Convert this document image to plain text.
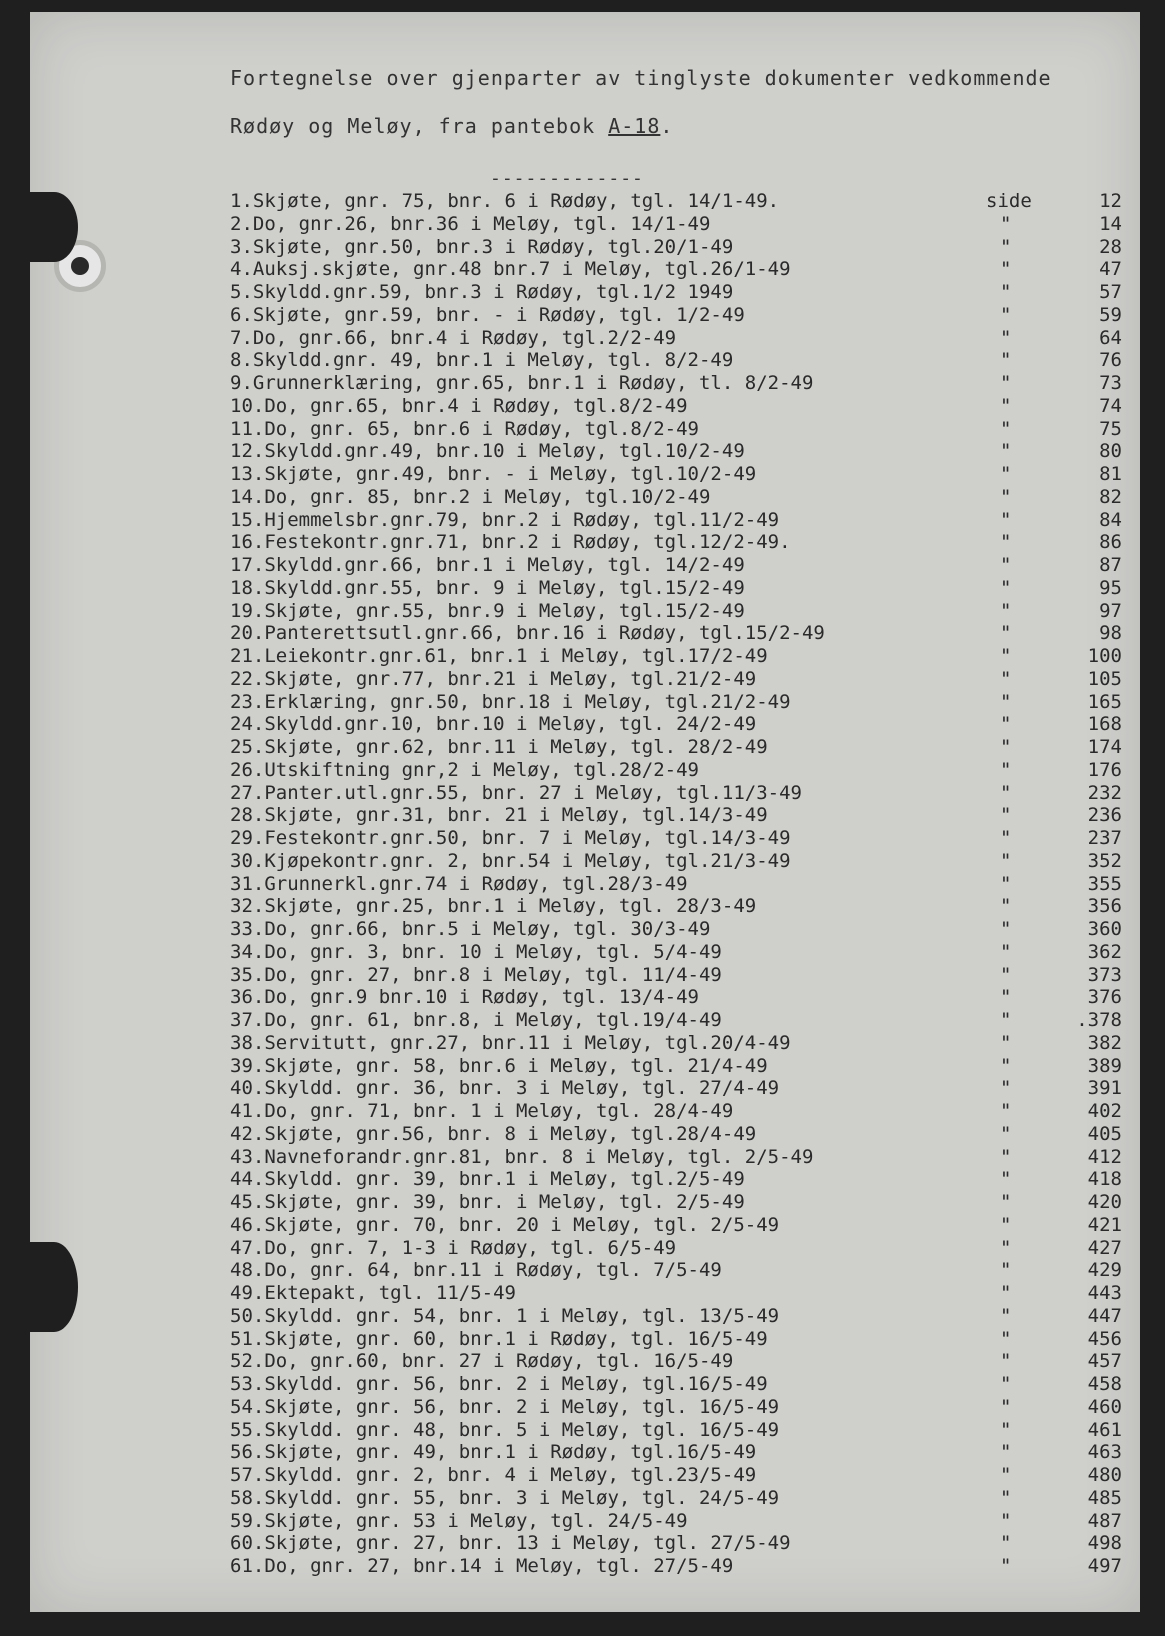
Fortegnelse over gjenparter av tinglyste dokumenter vedkommende
Rødøy og Meløy, fra pantebok A-18.
-------------
1.Skjøte, gnr. 75, bnr. 6 i Rødøy, tgl. 14/1-49.	side	12
2.Do, gnr.26, bnr.36 i Meløy, tgl. 14/1-49	"	14
3.Skjøte, gnr.50, bnr.3 i Rødøy, tgl.20/1-49	"	28
4.Auksj.skjøte, gnr.48 bnr.7 i Meløy, tgl.26/1-49	"	47
5.Skyldd.gnr.59, bnr.3 i Rødøy, tgl.1/2 1949	"	57
6.Skjøte, gnr.59, bnr. - i Rødøy, tgl. 1/2-49	"	59
7.Do, gnr.66, bnr.4 i Rødøy, tgl.2/2-49	"	64
8.Skyldd.gnr. 49, bnr.1 i Meløy, tgl. 8/2-49	"	76
9.Grunnerklæring, gnr.65, bnr.1 i Rødøy, tl. 8/2-49	"	73
10.Do, gnr.65, bnr.4 i Rødøy, tgl.8/2-49	"	74
11.Do, gnr. 65, bnr.6 i Rødøy, tgl.8/2-49	"	75
12.Skyldd.gnr.49, bnr.10 i Meløy, tgl.10/2-49	"	80
13.Skjøte, gnr.49, bnr. - i Meløy, tgl.10/2-49	"	81
14.Do, gnr. 85, bnr.2 i Meløy, tgl.10/2-49	"	82
15.Hjemmelsbr.gnr.79, bnr.2 i Rødøy, tgl.11/2-49	"	84
16.Festekontr.gnr.71, bnr.2 i Rødøy, tgl.12/2-49.	"	86
17.Skyldd.gnr.66, bnr.1 i Meløy, tgl. 14/2-49	"	87
18.Skyldd.gnr.55, bnr. 9 i Meløy, tgl.15/2-49	"	95
19.Skjøte, gnr.55, bnr.9 i Meløy, tgl.15/2-49	"	97
20.Panterettsutl.gnr.66, bnr.16 i Rødøy, tgl.15/2-49	"	98
21.Leiekontr.gnr.61, bnr.1 i Meløy, tgl.17/2-49	"	100
22.Skjøte, gnr.77, bnr.21 i Meløy, tgl.21/2-49	"	105
23.Erklæring, gnr.50, bnr.18 i Meløy, tgl.21/2-49	"	165
24.Skyldd.gnr.10, bnr.10 i Meløy, tgl. 24/2-49	"	168
25.Skjøte, gnr.62, bnr.11 i Meløy, tgl. 28/2-49	"	174
26.Utskiftning gnr,2 i Meløy, tgl.28/2-49	"	176
27.Panter.utl.gnr.55, bnr. 27 i Meløy, tgl.11/3-49	"	232
28.Skjøte, gnr.31, bnr. 21 i Meløy, tgl.14/3-49	"	236
29.Festekontr.gnr.50, bnr. 7 i Meløy, tgl.14/3-49	"	237
30.Kjøpekontr.gnr. 2, bnr.54 i Meløy, tgl.21/3-49	"	352
31.Grunnerkl.gnr.74 i Rødøy, tgl.28/3-49	"	355
32.Skjøte, gnr.25, bnr.1 i Meløy, tgl. 28/3-49	"	356
33.Do, gnr.66, bnr.5 i Meløy, tgl. 30/3-49	"	360
34.Do, gnr. 3, bnr. 10 i Meløy, tgl. 5/4-49	"	362
35.Do, gnr. 27, bnr.8 i Meløy, tgl. 11/4-49	"	373
36.Do, gnr.9 bnr.10 i Rødøy, tgl. 13/4-49	"	376
37.Do, gnr. 61, bnr.8, i Meløy, tgl.19/4-49	"	.378
38.Servitutt, gnr.27, bnr.11 i Meløy, tgl.20/4-49	"	382
39.Skjøte, gnr. 58, bnr.6 i Meløy, tgl. 21/4-49	"	389
40.Skyldd. gnr. 36, bnr. 3 i Meløy, tgl. 27/4-49	"	391
41.Do, gnr. 71, bnr. 1 i Meløy, tgl. 28/4-49	"	402
42.Skjøte, gnr.56, bnr. 8 i Meløy, tgl.28/4-49	"	405
43.Navneforandr.gnr.81, bnr. 8 i Meløy, tgl. 2/5-49	"	412
44.Skyldd. gnr. 39, bnr.1 i Meløy, tgl.2/5-49	"	418
45.Skjøte, gnr. 39, bnr. i Meløy, tgl. 2/5-49	"	420
46.Skjøte, gnr. 70, bnr. 20 i Meløy, tgl. 2/5-49	"	421
47.Do, gnr. 7, 1-3 i Rødøy, tgl. 6/5-49	"	427
48.Do, gnr. 64, bnr.11 i Rødøy, tgl. 7/5-49	"	429
49.Ektepakt, tgl. 11/5-49	"	443
50.Skyldd. gnr. 54, bnr. 1 i Meløy, tgl. 13/5-49	"	447
51.Skjøte, gnr. 60, bnr.1 i Rødøy, tgl. 16/5-49	"	456
52.Do, gnr.60, bnr. 27 i Rødøy, tgl. 16/5-49	"	457
53.Skyldd. gnr. 56, bnr. 2 i Meløy, tgl.16/5-49	"	458
54.Skjøte, gnr. 56, bnr. 2 i Meløy, tgl. 16/5-49	"	460
55.Skyldd. gnr. 48, bnr. 5 i Meløy, tgl. 16/5-49	"	461
56.Skjøte, gnr. 49, bnr.1 i Rødøy, tgl.16/5-49	"	463
57.Skyldd. gnr. 2, bnr. 4 i Meløy, tgl.23/5-49	"	480
58.Skyldd. gnr. 55, bnr. 3 i Meløy, tgl. 24/5-49	"	485
59.Skjøte, gnr. 53 i Meløy, tgl. 24/5-49	"	487
60.Skjøte, gnr. 27, bnr. 13 i Meløy, tgl. 27/5-49	"	498
61.Do, gnr. 27, bnr.14 i Meløy, tgl. 27/5-49	"	497
